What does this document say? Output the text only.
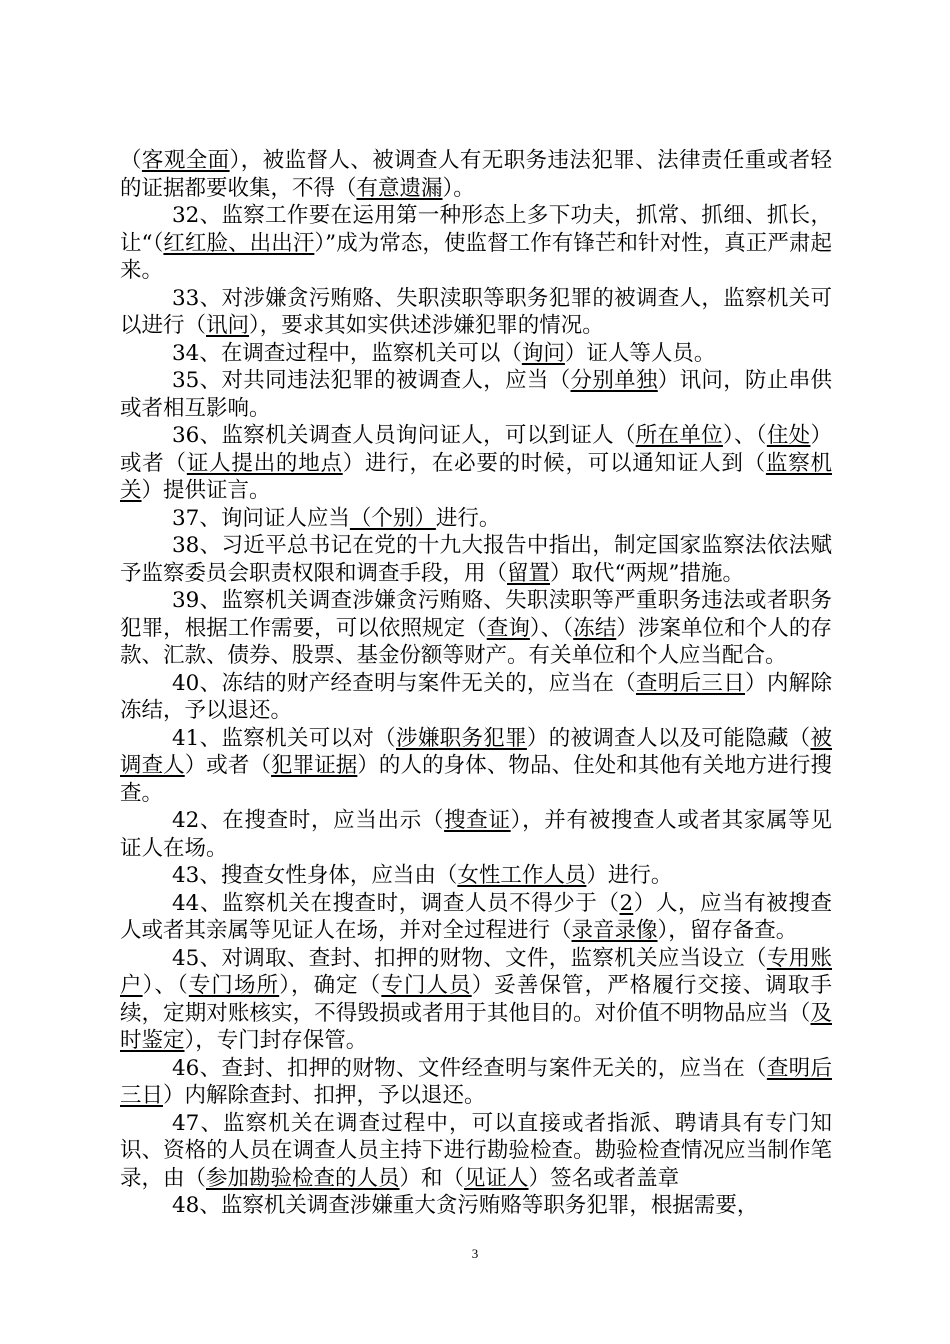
（客观全面），被监督人、被调查人有无职务违法犯罪、法律责任重或者轻的证据都要收集，不得（有意遗漏）。

32、监察工作要在运用第一种形态上多下功夫，抓常、抓细、抓长，让“（红红脸、出出汗）”成为常态，使监督工作有锋芒和针对性，真正严肃起来。

33、对涉嫌贪污贿赂、失职渎职等职务犯罪的被调查人，监察机关可以进行（讯问），要求其如实供述涉嫌犯罪的情况。

34、在调查过程中，监察机关可以（询问）证人等人员。

35、对共同违法犯罪的被调查人，应当（分别单独）讯问，防止串供或者相互影响。

36、监察机关调查人员询问证人，可以到证人（所在单位）、（住处）或者（证人提出的地点）进行，在必要的时候，可以通知证人到（监察机关）提供证言。

37、询问证人应当（个别）进行。

38、习近平总书记在党的十九大报告中指出，制定国家监察法依法赋予监察委员会职责权限和调查手段，用（留置）取代“两规”措施。

39、监察机关调查涉嫌贪污贿赂、失职渎职等严重职务违法或者职务犯罪，根据工作需要，可以依照规定（查询）、（冻结）涉案单位和个人的存款、汇款、债券、股票、基金份额等财产。有关单位和个人应当配合。

40、冻结的财产经查明与案件无关的，应当在（查明后三日）内解除冻结，予以退还。

41、监察机关可以对（涉嫌职务犯罪）的被调查人以及可能隐藏（被调查人）或者（犯罪证据）的人的身体、物品、住处和其他有关地方进行搜查。

42、在搜查时，应当出示（搜查证），并有被搜查人或者其家属等见证人在场。

43、搜查女性身体，应当由（女性工作人员）进行。

44、监察机关在搜查时，调查人员不得少于（2）人，应当有被搜查人或者其亲属等见证人在场，并对全过程进行（录音录像），留存备查。

45、对调取、查封、扣押的财物、文件，监察机关应当设立（专用账户）、（专门场所），确定（专门人员）妥善保管，严格履行交接、调取手续，定期对账核实，不得毁损或者用于其他目的。对价值不明物品应当（及时鉴定），专门封存保管。

46、查封、扣押的财物、文件经查明与案件无关的，应当在（查明后三日）内解除查封、扣押，予以退还。

47、监察机关在调查过程中，可以直接或者指派、聘请具有专门知识、资格的人员在调查人员主持下进行勘验检查。勘验检查情况应当制作笔录，由（参加勘验检查的人员）和（见证人）签名或者盖章

48、监察机关调查涉嫌重大贪污贿赂等职务犯罪，根据需要，

3
